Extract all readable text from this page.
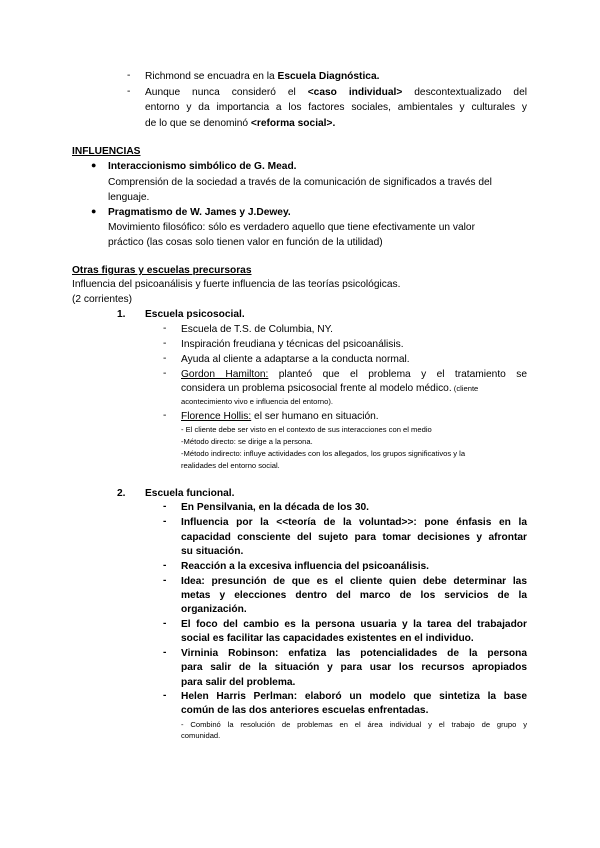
- Richmond se encuadra en la Escuela Diagnóstica.
- Aunque nunca consideró el <caso individual> descontextualizado del
entorno y da importancia a los factores sociales, ambientales y culturales y
de lo que se denominó <reforma social>.
INFLUENCIAS
● Interaccionismo simbólico de G. Mead.
Comprensión de la sociedad a través de la comunicación de significados a través del
lenguaje.
● Pragmatismo de W. James y J.Dewey.
Movimiento filosófico: sólo es verdadero aquello que tiene efectivamente un valor
práctico (las cosas solo tienen valor en función de la utilidad)
Otras figuras y escuelas precursoras
Influencia del psicoanálisis y fuerte influencia de las teorías psicológicas.
(2 corrientes)
1. Escuela psicosocial.
- Escuela de T.S. de Columbia, NY.
- Inspiración freudiana y técnicas del psicoanálisis.
- Ayuda al cliente a adaptarse a la conducta normal.
- Gordon Hamilton: planteó que el problema y el tratamiento se
considera un problema psicosocial frente al modelo médico. (cliente
acontecimiento vivo e influencia del entorno).
- Florence Hollis: el ser humano en situación.
- El cliente debe ser visto en el contexto de sus interacciones con el medio
-Método directo: se dirige a la persona.
-Método indirecto: influye actividades con los allegados, los grupos significativos y la
realidades del entorno social.
2. Escuela funcional.
- En Pensilvania, en la década de los 30.
- Influencia por la <<teoría de la voluntad>>: pone énfasis en la
capacidad consciente del sujeto para tomar decisiones y afrontar
su situación.
- Reacción a la excesiva influencia del psicoanálisis.
- Idea: presunción de que es el cliente quien debe determinar las
metas y elecciones dentro del marco de los servicios de la
organización.
- El foco del cambio es la persona usuaria y la tarea del trabajador
social es facilitar las capacidades existentes en el individuo.
- Virninia Robinson: enfatiza las potencialidades de la persona
para salir de la situación y para usar los recursos apropiados
para salir del problema.
- Helen Harris Perlman: elaboró un modelo que sintetiza la base
común de las dos anteriores escuelas enfrentadas.
- Combinó la resolución de problemas en el área individual y el trabajo de grupo y
comunidad.
